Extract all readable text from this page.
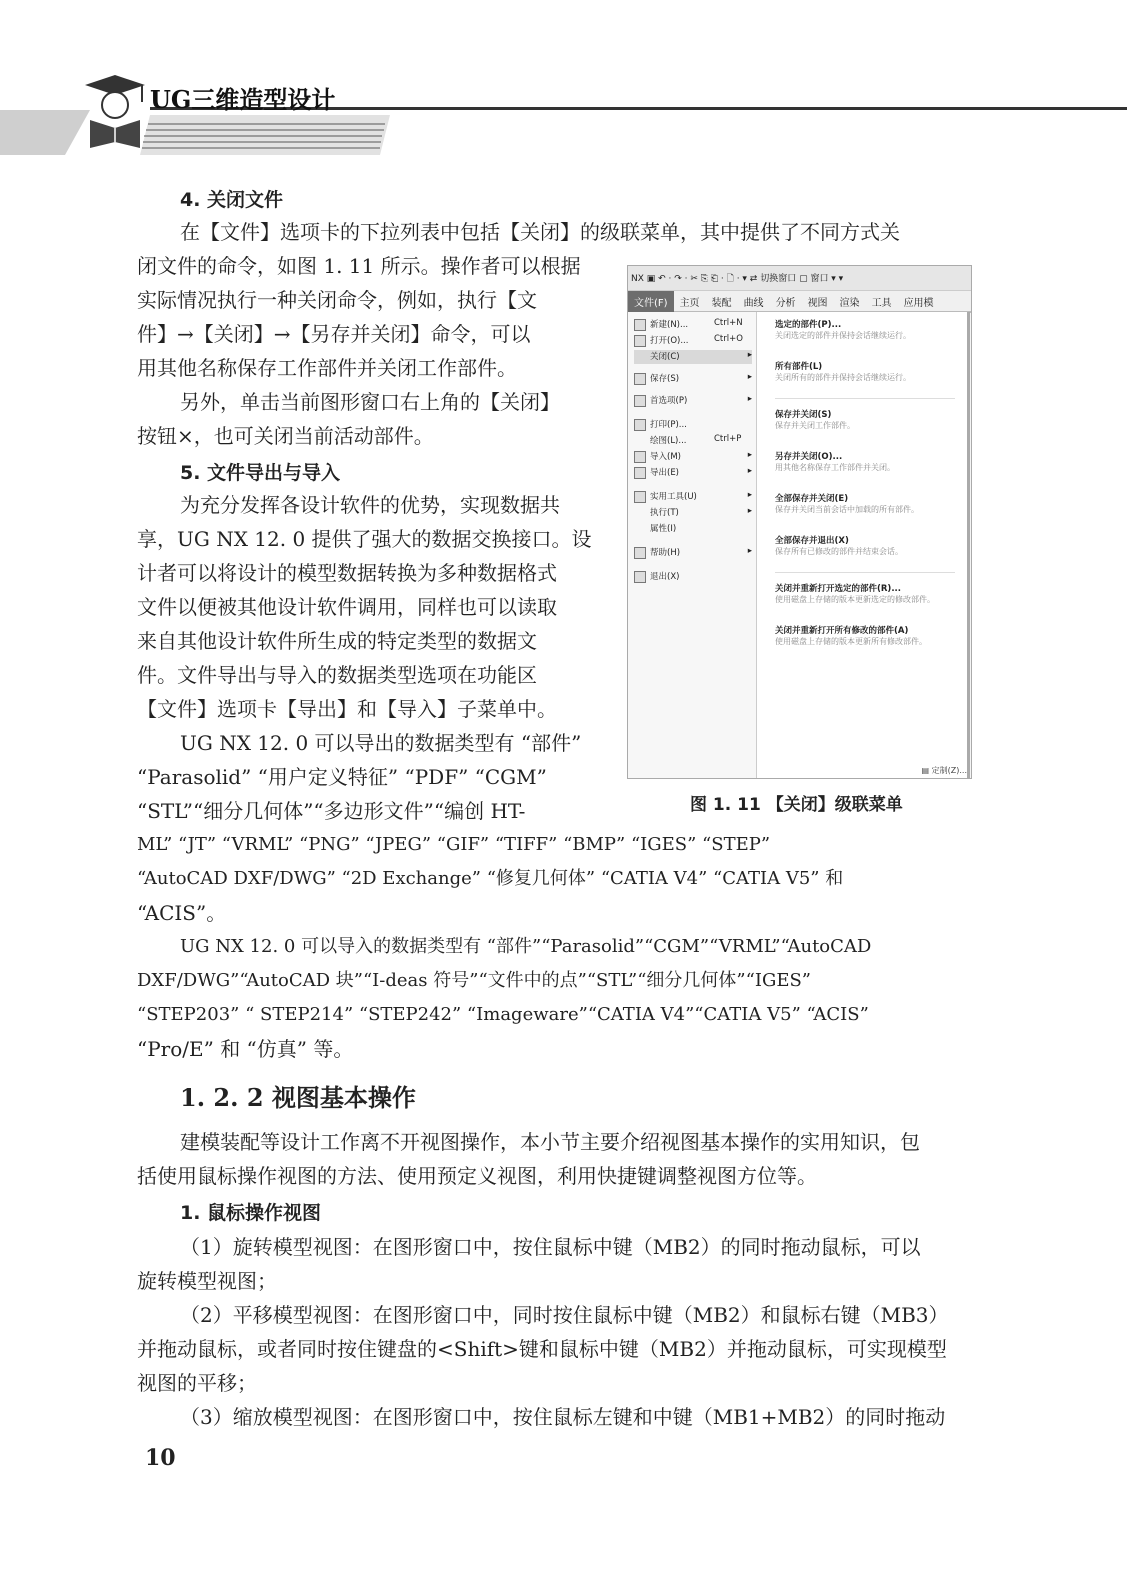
UG三维造型设计
4. 关闭文件
在【文件】选项卡的下拉列表中包括【关闭】的级联菜单，其中提供了不同方式关
闭文件的命令，如图 1. 11 所示。操作者可以根据
实际情况执行一种关闭命令，例如，执行【文
件】→【关闭】→【另存并关闭】命令，可以
用其他名称保存工作部件并关闭工作部件。
另外，单击当前图形窗口右上角的【关闭】
按钮×，也可关闭当前活动部件。
5. 文件导出与导入
为充分发挥各设计软件的优势，实现数据共
享，UG NX 12. 0 提供了强大的数据交换接口。设
计者可以将设计的模型数据转换为多种数据格式
文件以便被其他设计软件调用，同样也可以读取
来自其他设计软件所生成的特定类型的数据文
件。文件导出与导入的数据类型选项在功能区
【文件】选项卡【导出】和【导入】子菜单中。
UG NX 12. 0 可以导出的数据类型有 “部件”
“Parasolid” “用户定义特征” “PDF” “CGM”
“STL”“细分几何体”“多边形文件”“编创 HT-
ML” “JT” “VRML” “PNG” “JPEG” “GIF” “TIFF” “BMP” “IGES” “STEP”
“AutoCAD DXF/DWG” “2D Exchange” “修复几何体” “CATIA V4” “CATIA V5” 和
“ACIS”。
UG NX 12. 0 可以导入的数据类型有 “部件”“Parasolid”“CGM”“VRML”“AutoCAD
DXF/DWG”“AutoCAD 块”“I-deas 符号”“文件中的点”“STL”“细分几何体”“IGES”
“STEP203” “ STEP214” “STEP242” “Imageware”“CATIA V4”“CATIA V5” “ACIS”
“Pro/E” 和 “仿真” 等。
1. 2. 2 视图基本操作
建模装配等设计工作离不开视图操作，本小节主要介绍视图基本操作的实用知识，包
括使用鼠标操作视图的方法、使用预定义视图，利用快捷键调整视图方位等。
1. 鼠标操作视图
（1）旋转模型视图：在图形窗口中，按住鼠标中键（MB2）的同时拖动鼠标，可以
旋转模型视图；
（2）平移模型视图：在图形窗口中，同时按住鼠标中键（MB2）和鼠标右键（MB3）
并拖动鼠标，或者同时按住键盘的<Shift>键和鼠标中键（MB2）并拖动鼠标，可实现模型
视图的平移；
（3）缩放模型视图：在图形窗口中，按住鼠标左键和中键（MB1+MB2）的同时拖动
NX ▣ ↶ · ↷ · ✂ ⎘ ⎗ · 🗋 · ▾ ⇄ 切换窗口 ▢ 窗口 ▾ ▾
文件(F) 主页 装配 曲线 分析 视图 渲染 工具 应用模
新建(N)...	Ctrl+N
打开(O)...	Ctrl+O
关闭(C)	▸
保存(S)	▸
首选项(P)	▸
打印(P)...
绘图(L)...	Ctrl+P
导入(M)	▸
导出(E)	▸
实用工具(U)	▸
执行(T)	▸
属性(I)
帮助(H)	▸
退出(X)
选定的部件(P)...
关闭选定的部件并保持会话继续运行。
所有部件(L)
关闭所有的部件并保持会话继续运行。
保存并关闭(S)
保存并关闭工作部件。
另存并关闭(O)...
用其他名称保存工作部件并关闭。
全部保存并关闭(E)
保存并关闭当前会话中加载的所有部件。
全部保存并退出(X)
保存所有已修改的部件并结束会话。
关闭并重新打开选定的部件(R)...
使用磁盘上存储的版本更新选定的修改部件。
关闭并重新打开所有修改的部件(A)
使用磁盘上存储的版本更新所有修改部件。
▤ 定制(Z)...
图 1. 11 【关闭】级联菜单
10
